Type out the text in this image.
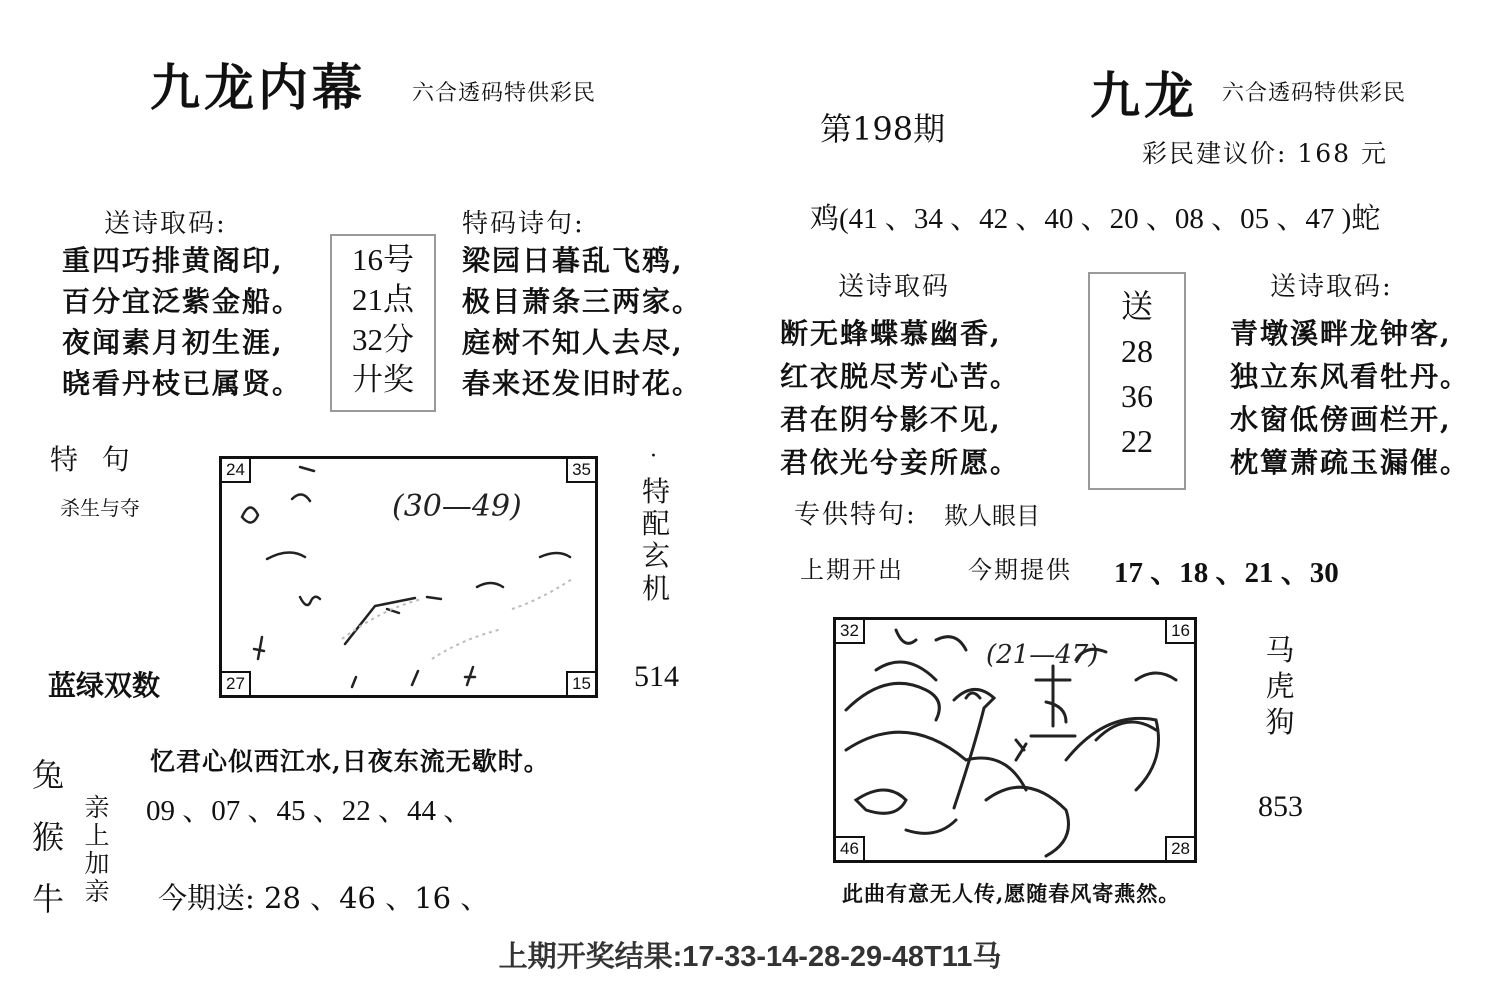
九龙内幕 六合透码特供彩民
送诗取码:
重四巧排黄阁印,
百分宜泛紫金船。
夜闻素月初生涯,
晓看丹枝已属贤。
16号
21点
32分
廾奖
特码诗句:
梁园日暮乱飞鸦,
极目萧条三两家。
庭树不知人去尽,
春来还发旧时花。
特  句
杀生与夺	(30—49)
24	35
27	15
·
特
配
玄
机
514
蓝绿双数
兔
猴
牛
亲
上
加
亲
忆君心似西江水,日夜东流无歇时。
09 、07 、45 、22 、44 、
今期送: 28 、46 、16 、
九龙 六合透码特供彩民
第198期
彩民建议价: 168 元
鸡(41 、34 、42 、40 、20 、08 、05 、47 )蛇
送诗取码
断无蜂蝶慕幽香,
红衣脱尽芳心苦。
君在阴兮影不见,
君依光兮妾所愿。
送
28
36
22
送诗取码:
青墩溪畔龙钟客,
独立东风看牡丹。
水窗低傍画栏开,
枕簟萧疏玉漏催。
专供特句: 欺人眼目
上期开出	今期提供 17 、18 、21 、30
(21—47)
32	16
46	28
马
虎
狗
853
此曲有意无人传,愿随春风寄燕然。
上期开奖结果:17-33-14-28-29-48T11马
